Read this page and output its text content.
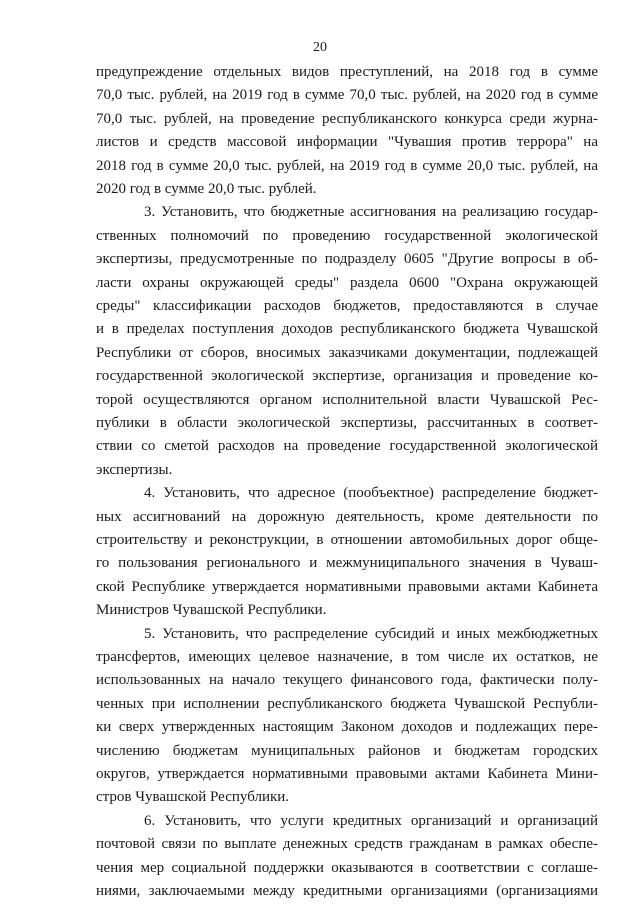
20
предупреждение отдельных видов преступлений, на 2018 год в сумме
70,0 тыс. рублей, на 2019 год в сумме 70,0 тыс. рублей, на 2020 год в сумме
70,0 тыс. рублей, на проведение республиканского конкурса среди журна-
листов и средств массовой информации "Чувашия против террора" на
2018 год в сумме 20,0 тыс. рублей, на 2019 год в сумме 20,0 тыс. рублей, на
2020 год в сумме 20,0 тыс. рублей.
3. Установить, что бюджетные ассигнования на реализацию государ-
ственных полномочий по проведению государственной экологической
экспертизы, предусмотренные по подразделу 0605 "Другие вопросы в об-
ласти охраны окружающей среды" раздела 0600 "Охрана окружающей
среды" классификации расходов бюджетов, предоставляются в случае
и в пределах поступления доходов республиканского бюджета Чувашской
Республики от сборов, вносимых заказчиками документации, подлежащей
государственной экологической экспертизе, организация и проведение ко-
торой осуществляются органом исполнительной власти Чувашской Рес-
публики в области экологической экспертизы, рассчитанных в соответ-
ствии со сметой расходов на проведение государственной экологической
экспертизы.
4. Установить, что адресное (пообъектное) распределение бюджет-
ных ассигнований на дорожную деятельность, кроме деятельности по
строительству и реконструкции, в отношении автомобильных дорог обще-
го пользования регионального и межмуниципального значения в Чуваш-
ской Республике утверждается нормативными правовыми актами Кабинета
Министров Чувашской Республики.
5. Установить, что распределение субсидий и иных межбюджетных
трансфертов, имеющих целевое назначение, в том числе их остатков, не
использованных на начало текущего финансового года, фактически полу-
ченных при исполнении республиканского бюджета Чувашской Республи-
ки сверх утвержденных настоящим Законом доходов и подлежащих пере-
числению бюджетам муниципальных районов и бюджетам городских
округов, утверждается нормативными правовыми актами Кабинета Мини-
стров Чувашской Республики.
6. Установить, что услуги кредитных организаций и организаций
почтовой связи по выплате денежных средств гражданам в рамках обеспе-
чения мер социальной поддержки оказываются в соответствии с соглаше-
ниями, заключаемыми между кредитными организациями (организациями
